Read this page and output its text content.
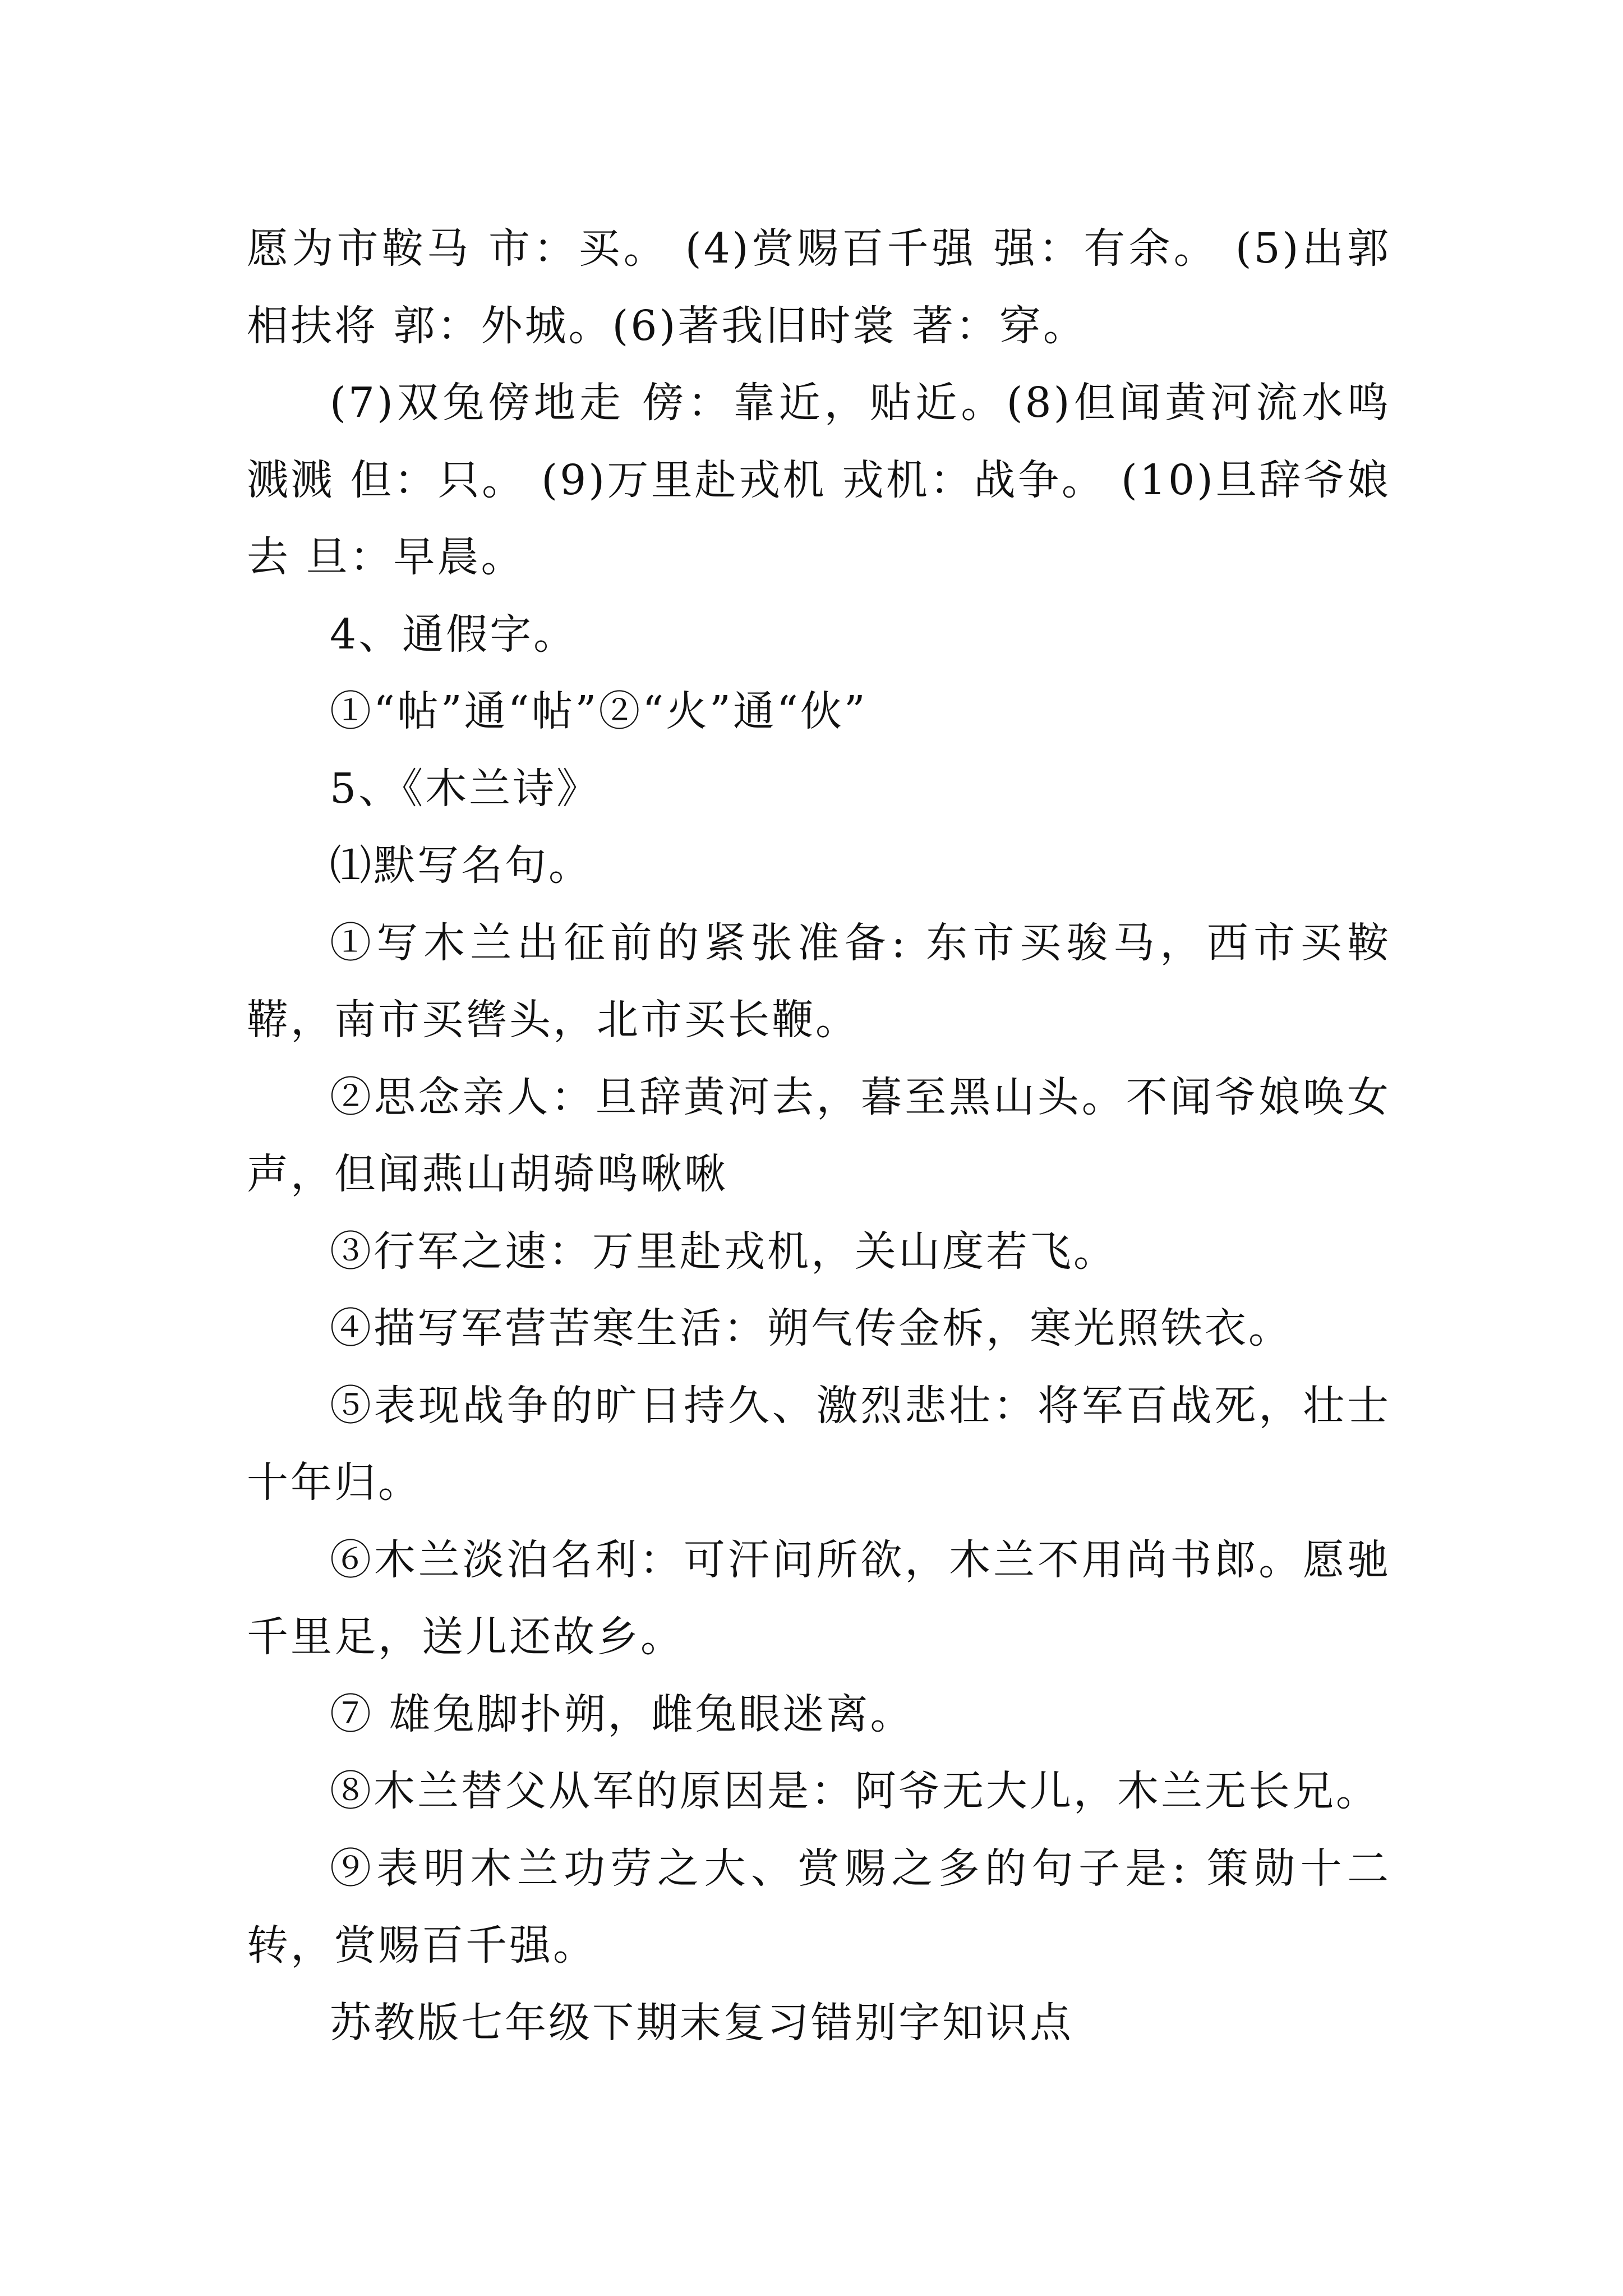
愿为市鞍马 市：买。 (4)赏赐百千强 强：有余。 (5)出郭相扶将 郭：外城。(6)著我旧时裳 著：穿。

(7)双兔傍地走 傍：靠近，贴近。(8)但闻黄河流水鸣溅溅 但：只。 (9)万里赴戎机 戎机：战争。 (10)旦辞爷娘去 旦：早晨。

4、通假字。

①“帖”通“帖”②“火”通“伙”

5、《木兰诗》

⑴默写名句。

①写木兰出征前的紧张准备: 东市买骏马，西市买鞍鞯，南市买辔头，北市买长鞭。

②思念亲人：旦辞黄河去，暮至黑山头。不闻爷娘唤女声，但闻燕山胡骑鸣啾啾

③行军之速：万里赴戎机，关山度若飞。

④描写军营苦寒生活：朔气传金柝，寒光照铁衣。

⑤表现战争的旷日持久、激烈悲壮：将军百战死，壮士十年归。

⑥木兰淡泊名利：可汗问所欲，木兰不用尚书郎。愿驰千里足，送儿还故乡。

⑦ 雄兔脚扑朔，雌兔眼迷离。

⑧木兰替父从军的原因是：阿爷无大儿，木兰无长兄。

⑨表明木兰功劳之大、赏赐之多的句子是: 策勋十二转，赏赐百千强。

苏教版七年级下期末复习错别字知识点
